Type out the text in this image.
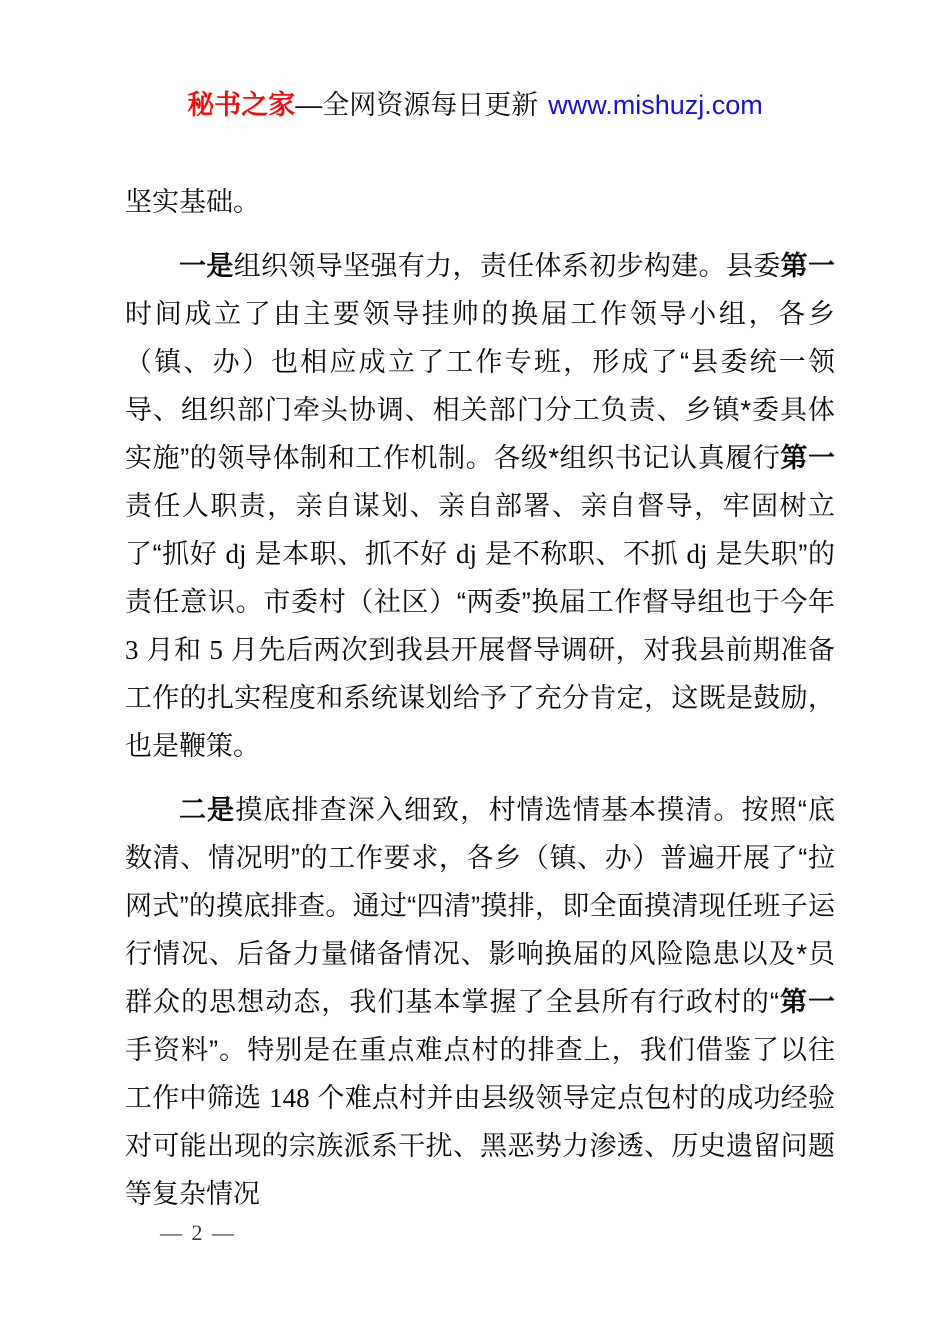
秘书之家—全网资源每日更新 www.mishuzj.com

坚实基础。

一是组织领导坚强有力，责任体系初步构建。县委第一时间成立了由主要领导挂帅的换届工作领导小组，各乡（镇、办）也相应成立了工作专班，形成了“县委统一领导、组织部门牵头协调、相关部门分工负责、乡镇*委具体实施”的领导体制和工作机制。各级*组织书记认真履行第一责任人职责，亲自谋划、亲自部署、亲自督导，牢固树立了“抓好 dj 是本职、抓不好 dj 是不称职、不抓 dj 是失职”的责任意识。市委村（社区）“两委”换届工作督导组也于今年 3 月和 5 月先后两次到我县开展督导调研，对我县前期准备工作的扎实程度和系统谋划给予了充分肯定，这既是鼓励，也是鞭策。

二是摸底排查深入细致，村情选情基本摸清。按照“底数清、情况明”的工作要求，各乡（镇、办）普遍开展了“拉网式”的摸底排查。通过“四清”摸排，即全面摸清现任班子运行情况、后备力量储备情况、影响换届的风险隐患以及*员群众的思想动态，我们基本掌握了全县所有行政村的“第一手资料”。特别是在重点难点村的排查上，我们借鉴了以往工作中筛选 148 个难点村并由县级领导定点包村的成功经验对可能出现的宗族派系干扰、黑恶势力渗透、历史遗留问题等复杂情况

— 2 —
